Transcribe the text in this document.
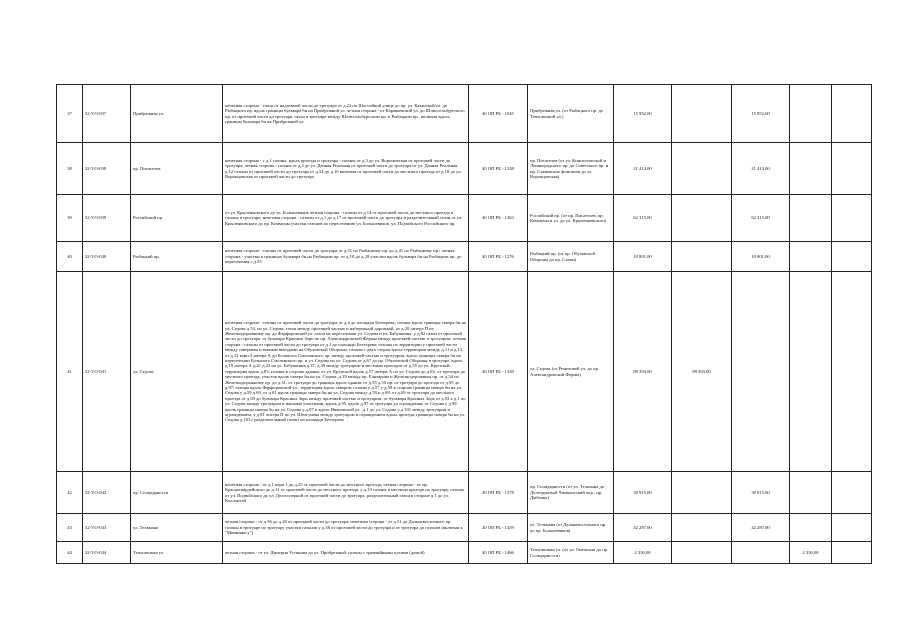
37	32-VO-037	Прибрежная ул.	нечетная сторона - газон от надземной части до тротуара от д.22 по Шоссейной улице до пр. ул. Казанской/ул. до Рыбацкого пр. вдоль границы бульвара бн на Прибрежной ул. четная сторона - от Караваевской ул. до Шлиссельбургского пр. от проезжей части до тротуара, газон в тротуаре между Шлиссельбургским пр. и Рыбацким пр., включая вдоль границы бульвара бн на Прибрежной ул.	40 ОП РБ - 1045	Прибрежная ул. (от Рыбацкого пр. до Тепловозной ул.)	15 952,00		15 952,00		
38	32-VO-038	пр. Писателев	нечетная сторона - с д.1 газоны, вдоль проезда и тротуара - газоны от д.3 до ул. Воронежская от проезжей части до тротуара; четная сторона - газоны от д.2 до ул. Дачная Реальная от проезжей части до тротуара от ул. Дачная Реальная д.12 газоны от проезжей части до тротуара от д.54 до д.1б включая от проезжей части до местного проезда от д.18 до ул. Воронцовская от проезжей части до тротуара	40 ОП РБ - 1238	пр. Писателев (от ул. Кингисеппской и Ленинградского пр. до Советского пр. и пр. Славянских фонтанов до ул. Воронцовская)	21 414,00		21 414,00		
39	32-VO-039	Российский пр.	от ул. Крыленковского до ул. Большевиков четная сторона - газоны от д.14 от проезжей части до местного проезда и газоны в тротуаре; нечетная сторона - газоны от д.1 до д.17 от проезжей части до тротуара и разделительный газон от ул. Крыленковского до пр. Коммуны участки газонов по пересечению ул. Большевиков, ул. Подвойского Российского пр.	40 ОП РБ - 1263	Российский пр. (от пр. Писателев, пр. Коммуны и ул. до ул. Крыленковского)	62 315,00		62 315,00		
40	32-VO-040	Рыбацкий пр.	нечетная сторона - газоны от проезжей части до тротуара от д.51 по Рыбацкому пр. до д.41 по Рыбацкому пр.; четная сторона - участки в границах бульвара бн на Рыбацком пр. от д.18 до д.28 участки вдоль бульвара бн на Рыбацком пр. до пересечения с д.55	40 ОП РБ - 1276	Рыбацкий пр. (от пр. Обуховской Обороны до пр. Славы)	10 801,00		10 801,00		
41	32-VO-041	ул. Седова	нечетная сторона - газоны от проезжей части до тротуара от д.4 до площади Бехтерева, газоны вдоль границы сквера бн на ул. Седова д.54, по ул. Седова, газон между проезжей частью и набережной дорожкой, от д.20 литера П по Железнодорожному пр. до Фарфоровской ул. газон на пересечении ул. Седова и ул. Бабушкина, у д.82 газон от проезжей части до тротуара, от бульвара Красных Зорь по пр. Александровской Фермы между проезжей частью и тротуаром; четная сторона - газоны от проезжей части до тротуара от д.1 до площади Бехтерева; газоны по территории у проезжей части между северным и южным выездами на Обуховской Обороны, газоны с двух сторон вдоль территории между д.11 и д.13, от д.13 корп.3 литера А до Большого Смоленского пр. между проезжей частью и тротуаром, вдоль границы сквера бн на пересечении Большого Смоленского пр. и ул. Седова по ул. Седова от д.67 до пр. Обуховской Обороны в тротуаре, вдоль д.19 литера А д.21 д.23 на ул. Бабушкина д.37, д.39 между тротуаром и местным проездом от д.55 до ул. Крупской; территория вдоль д.83, газоны в стороне здания; от ул. Крупской вдоль д.57 литера А по ул. Седова до д.63, от тротуара до местного проезда; участок вдоль сквера бн на ул. Седова, д.19 между пр. Елизарова и Железнодорожным пр. от д.54 по Железнодорожному пр. до д.31, от тротуара до границы вдоль здания; от д.55 д.55 пр. от тротуара до проезда от д.95 до д.97; газоны вдоль Фарфоровской ул., территория вдоль скверов; газоны у д.57 у д.59 в стороне границы сквера бн на ул. Седова у д.59 д.69, от д.61 вдоль границы сквера бн на ул. Седова между д.59 и д.69, от д.69 от тротуара до местного проезда от д.69 до бульвара Красных Зорь между проезжей частью и тротуаром; от бульвара Красных Зорь от д.93 к д.1 по ул. Седова между тротуаром и жилыми участками, вдоль д.95, вдоль д.97 от тротуара до ограждения; от Седова у д.99 вдоль границы сквера бн на ул. Седова у д.97 и вдоль Ивановской ул., д.1 до ул. Седова у д.101 между тротуаром и ограждением, у д.81 литера П по ул. Шелгунова между тротуаром и ограждением вдоль проезда; границы сквера бн на ул. Седова д.103 ( разделительный газон) на площади Бехтерева	40 ОП РБ - 1339	ул. Седова (от Ремизовой ул. до пр. Александровской Фермы)	89 393,00	89 393,00			
42	32-VO-042	пр. Солидарности	нечетная сторона - от д.1 корп.1 до д.25 от проезжей части до местного проезда; четная сторона - от пр. Красногвардейского до д.11 от проезжей части до местного проезда, у д.13 газоны в местном проезде по тротуару, газоны от ул. Подвойского до ул. Долгоозерной от проезжей части до тротуара, разделительный газон в стороне д.1 до ул. Коллонтай	40 ОП РБ - 1378	пр. Солидарности (от ул. Тельмана до Долгоруковой Чимкентский пер., пр. Дыбенко)	30 915,00		30 915,00		
43	32-VO-043	ул. Тельмана	четная сторона - от д.56 до д.28 от проезжей части до тротуара; нечетная сторона - от д.51 до Дальневосточного пр. газоны в тротуаре по тротуару участки газонов у д.38 от проезжей части до тротуара и от тротуара до газонов (включая к "Минимаксу")	40 ОП РБ - 1459	ул. Тельмана (от Дальневосточного пр. до пр. Большевиков)	42 287,00		42 287,00		
44	32-VO-044	Тепловозная ул.	четная сторона - от ул. Дмитрия Устинова до ул. Прибрежной, газоны с трамвайными путями (домой)	40 ОП РБ - 1466	Тепловозная ул. (от ул. Онежская до пр. Солидарности)	2 330,00			2 330,00	
